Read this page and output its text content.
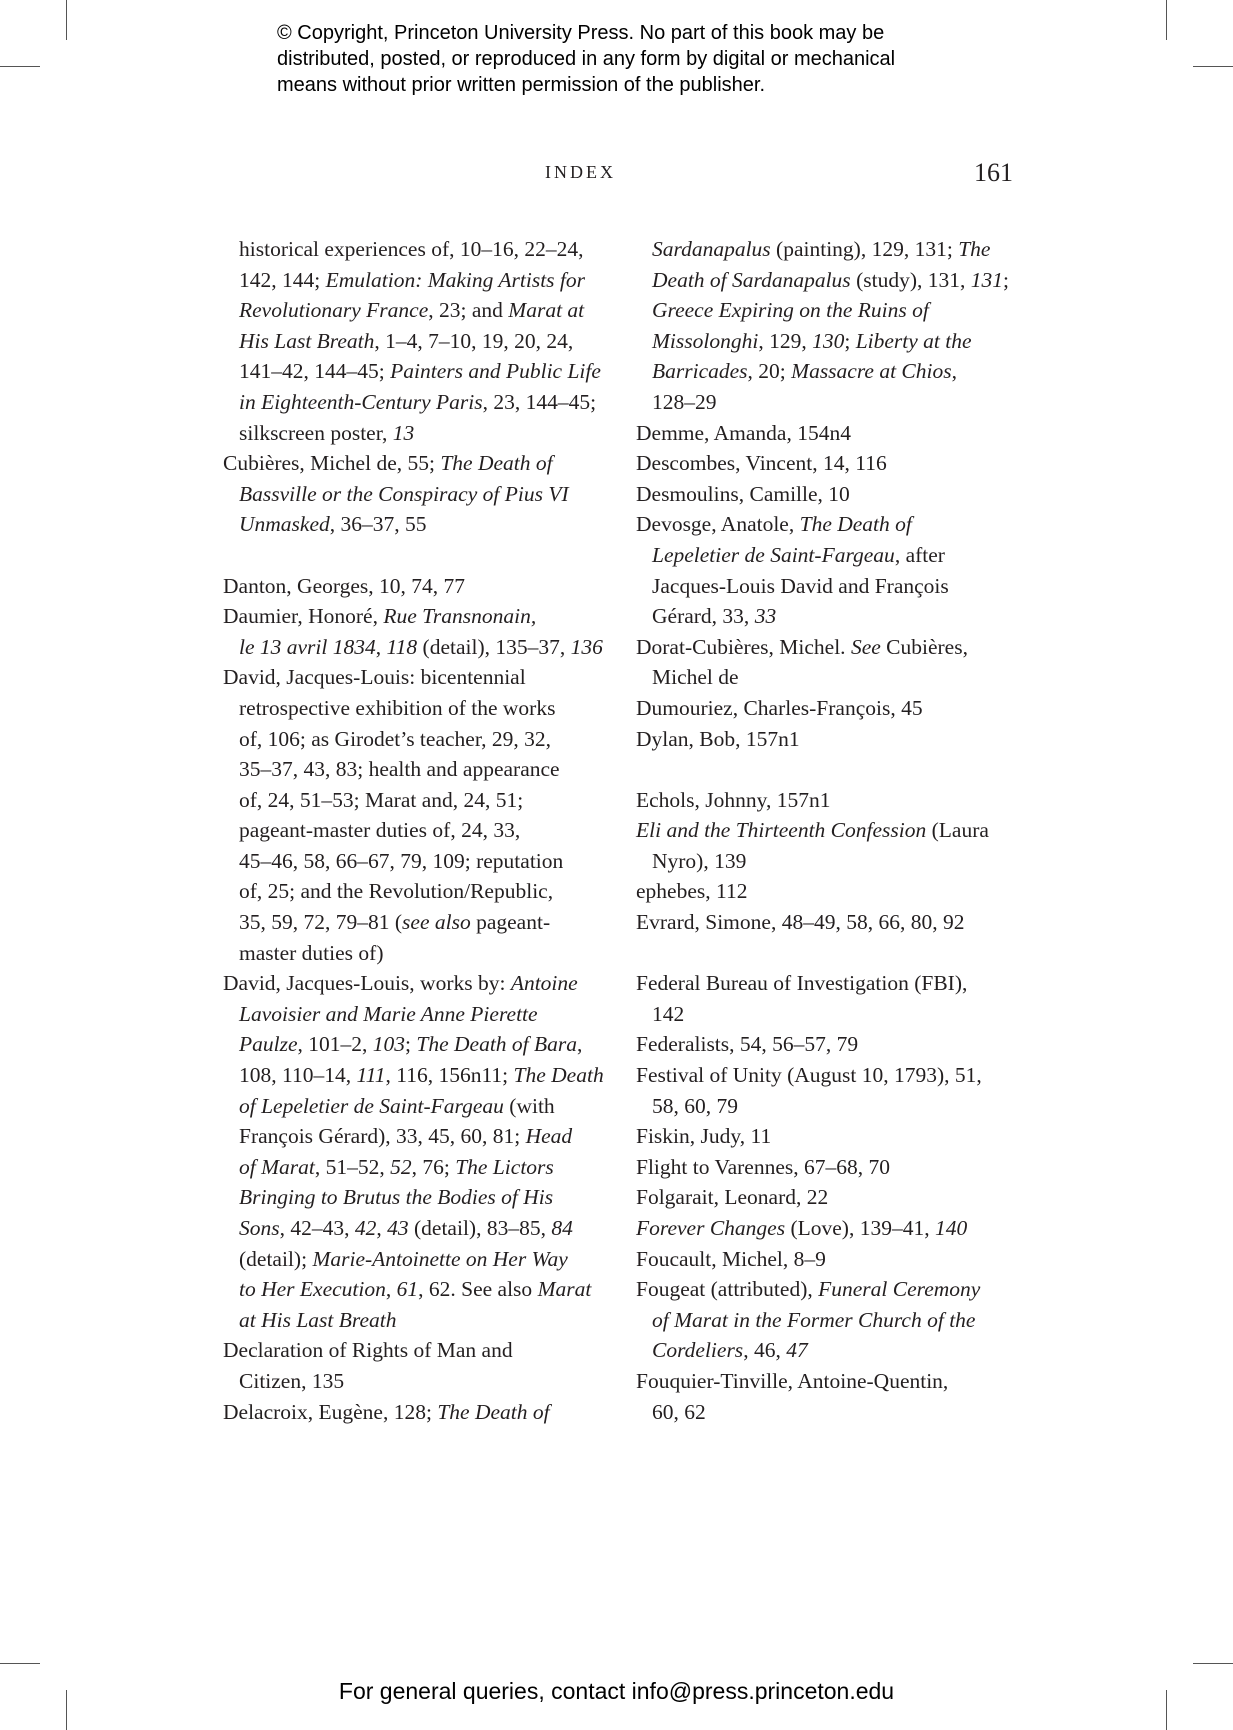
© Copyright, Princeton University Press. No part of this book may be
distributed, posted, or reproduced in any form by digital or mechanical
means without prior written permission of the publisher.
INDEX	161
historical experiences of, 10–16, 22–24,
142, 144; Emulation: Making Artists for
Revolutionary France, 23; and Marat at
His Last Breath, 1–4, 7–10, 19, 20, 24,
141–42, 144–45; Painters and Public Life
in Eighteenth-Century Paris, 23, 144–45;
silkscreen poster, 13
Cubières, Michel de, 55; The Death of
Bassville or the Conspiracy of Pius VI
Unmasked, 36–37, 55
Danton, Georges, 10, 74, 77
Daumier, Honoré, Rue Transnonain,
le 13 avril 1834, 118 (detail), 135–37, 136
David, Jacques-Louis: bicentennial
retrospective exhibition of the works
of, 106; as Girodet’s teacher, 29, 32,
35–37, 43, 83; health and appearance
of, 24, 51–53; Marat and, 24, 51;
pageant-master duties of, 24, 33,
45–46, 58, 66–67, 79, 109; reputation
of, 25; and the Revolution/Republic,
35, 59, 72, 79–81 (see also pageant-
master duties of)
David, Jacques-Louis, works by: Antoine
Lavoisier and Marie Anne Pierette
Paulze, 101–2, 103; The Death of Bara,
108, 110–14, 111, 116, 156n11; The Death
of Lepeletier de Saint-Fargeau (with
François Gérard), 33, 45, 60, 81; Head
of Marat, 51–52, 52, 76; The Lictors
Bringing to Brutus the Bodies of His
Sons, 42–43, 42, 43 (detail), 83–85, 84
(detail); Marie-Antoinette on Her Way
to Her Execution, 61, 62. See also Marat
at His Last Breath
Declaration of Rights of Man and
Citizen, 135
Delacroix, Eugène, 128; The Death of
Sardanapalus (painting), 129, 131; The
Death of Sardanapalus (study), 131, 131;
Greece Expiring on the Ruins of
Missolonghi, 129, 130; Liberty at the
Barricades, 20; Massacre at Chios,
128–29
Demme, Amanda, 154n4
Descombes, Vincent, 14, 116
Desmoulins, Camille, 10
Devosge, Anatole, The Death of
Lepeletier de Saint-Fargeau, after
Jacques-Louis David and François
Gérard, 33, 33
Dorat-Cubières, Michel. See Cubières,
Michel de
Dumouriez, Charles-François, 45
Dylan, Bob, 157n1
Echols, Johnny, 157n1
Eli and the Thirteenth Confession (Laura
Nyro), 139
ephebes, 112
Evrard, Simone, 48–49, 58, 66, 80, 92
Federal Bureau of Investigation (FBI),
142
Federalists, 54, 56–57, 79
Festival of Unity (August 10, 1793), 51,
58, 60, 79
Fiskin, Judy, 11
Flight to Varennes, 67–68, 70
Folgarait, Leonard, 22
Forever Changes (Love), 139–41, 140
Foucault, Michel, 8–9
Fougeat (attributed), Funeral Ceremony
of Marat in the Former Church of the
Cordeliers, 46, 47
Fouquier-Tinville, Antoine-Quentin,
60, 62
For general queries, contact info@press.princeton.edu
